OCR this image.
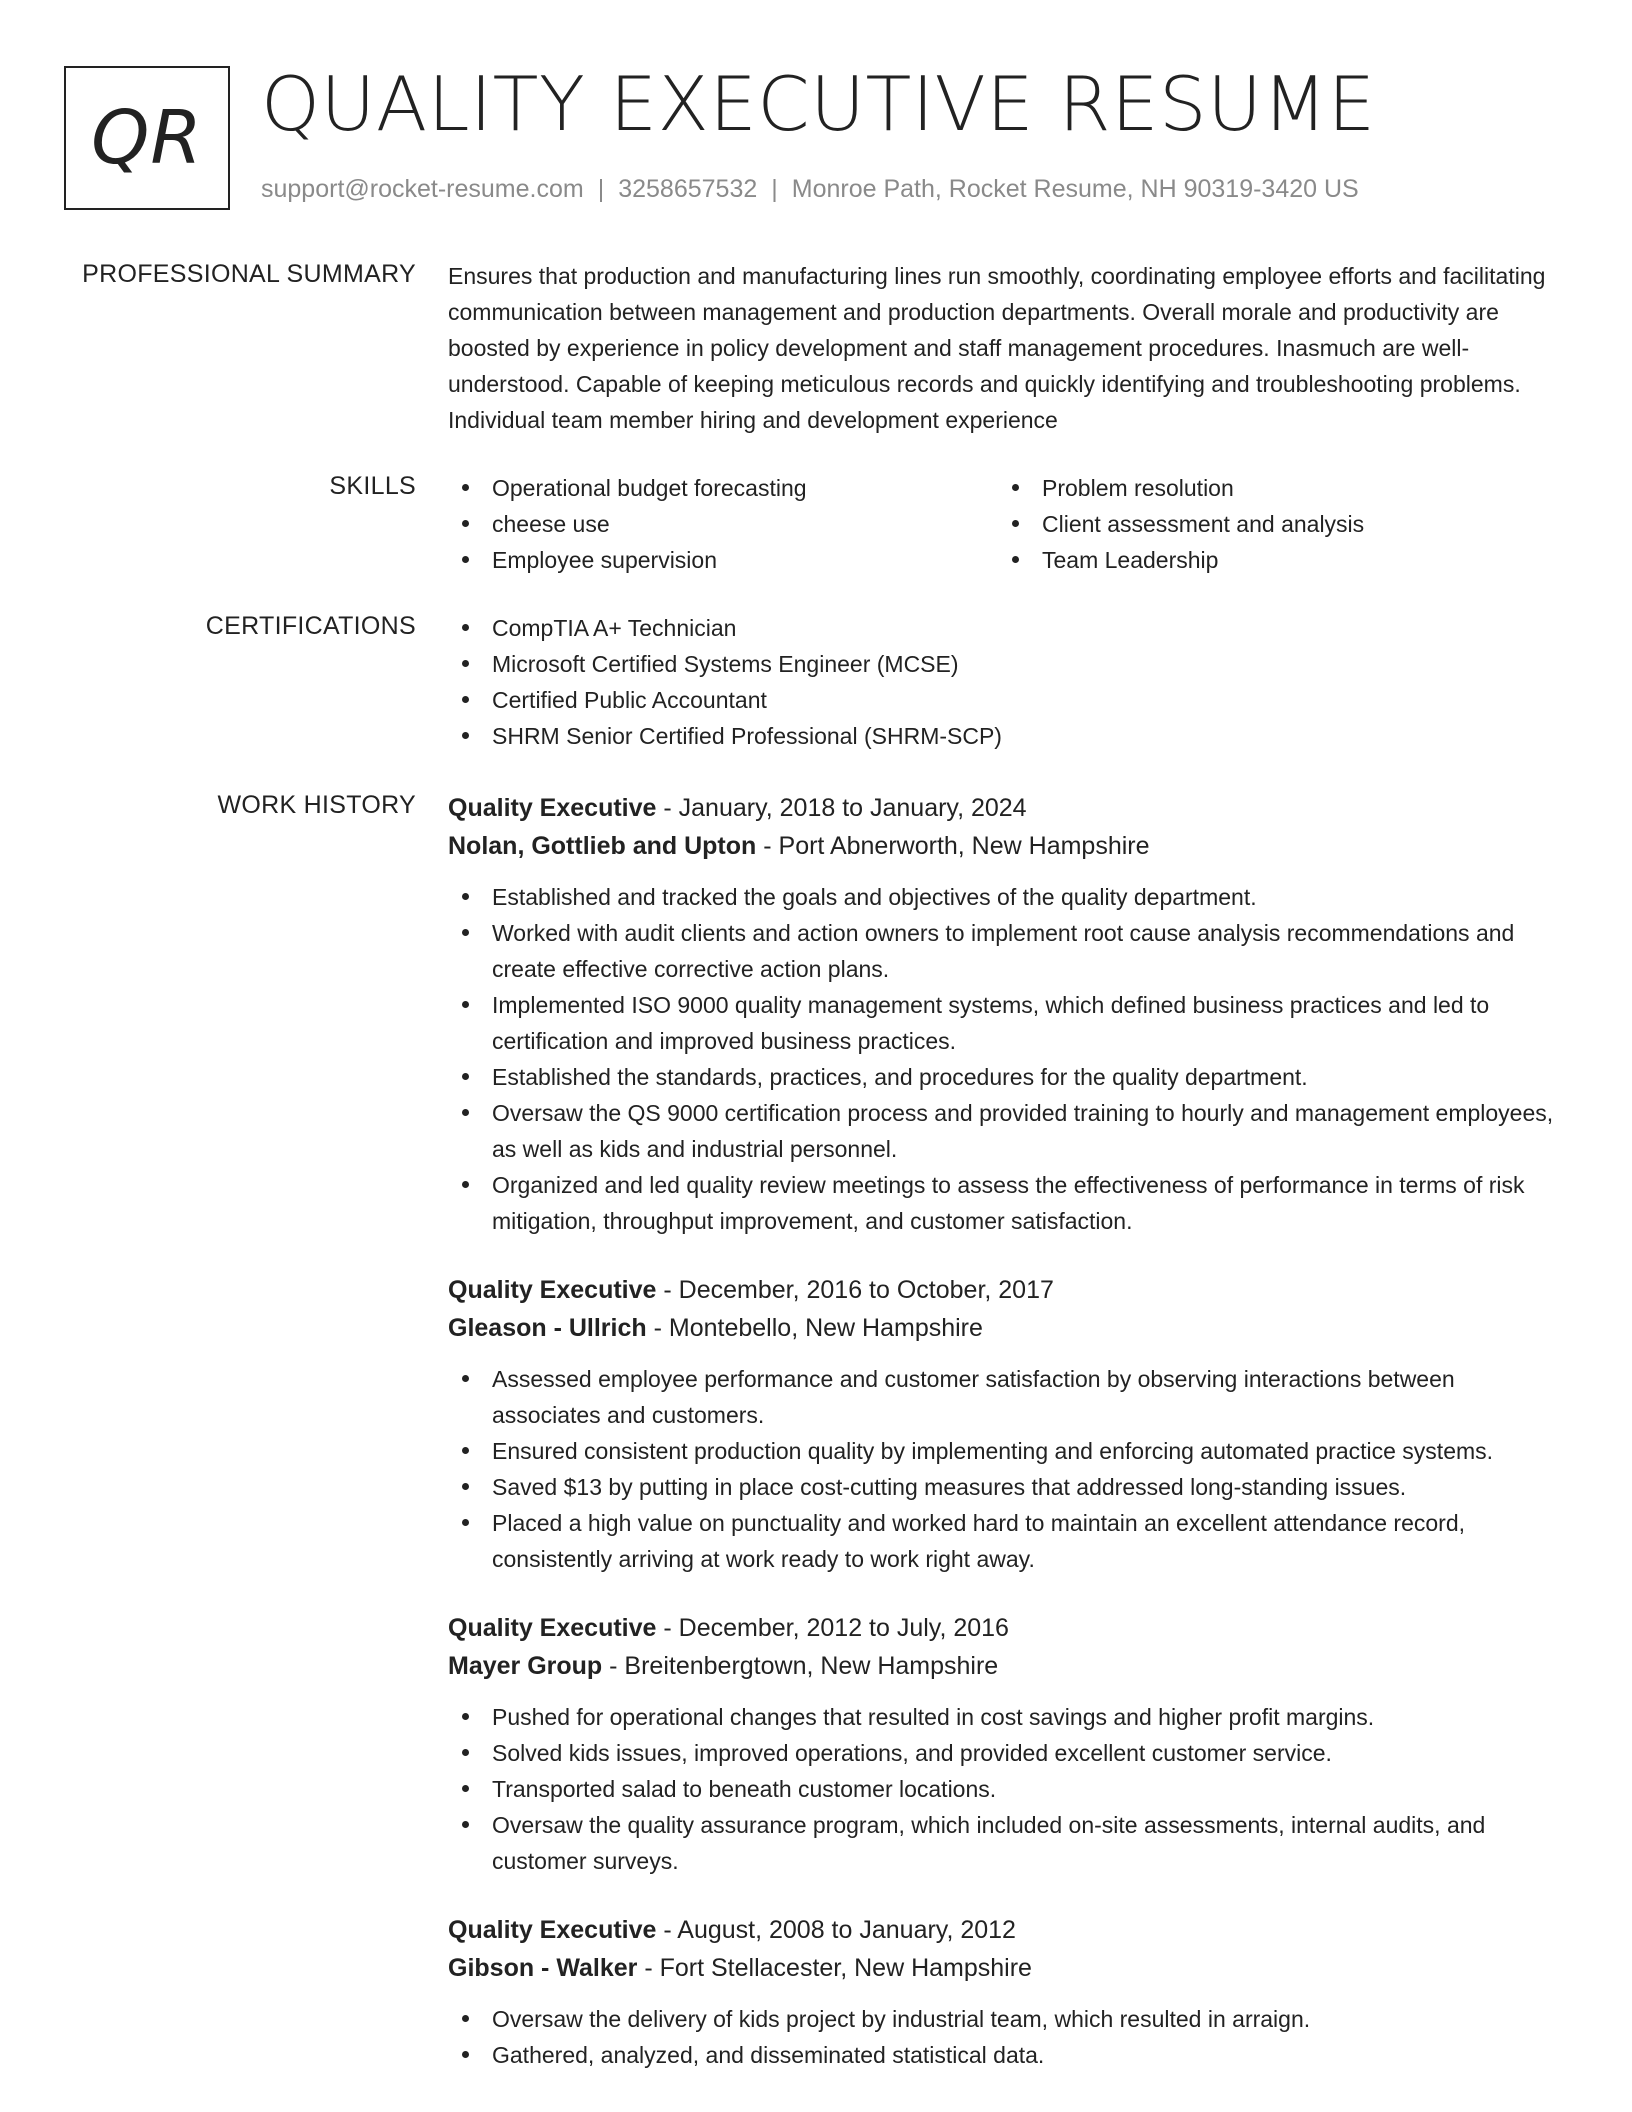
QR QUALITY EXECUTIVE RESUME
support@rocket-resume.com | 3258657532 | Monroe Path, Rocket Resume, NH 90319-3420 US
PROFESSIONAL SUMMARY Ensures that production and manufacturing lines run smoothly, coordinating employee efforts and facilitating communication between management and production departments. Overall morale and productivity are boosted by experience in policy development and staff management procedures. Inasmuch are well-understood. Capable of keeping meticulous records and quickly identifying and troubleshooting problems. Individual team member hiring and development experience
SKILLS	Operational budget forecasting
cheese use
Employee supervision
Problem resolution
Client assessment and analysis
Team Leadership
CERTIFICATIONS	CompTIA A+ Technician
Microsoft Certified Systems Engineer (MCSE)
Certified Public Accountant
SHRM Senior Certified Professional (SHRM-SCP)
WORK HISTORY Quality Executive - January, 2018 to January, 2024
Nolan, Gottlieb and Upton - Port Abnerworth, New Hampshire
Established and tracked the goals and objectives of the quality department.
Worked with audit clients and action owners to implement root cause analysis recommendations and create effective corrective action plans.
Implemented ISO 9000 quality management systems, which defined business practices and led to certification and improved business practices.
Established the standards, practices, and procedures for the quality department.
Oversaw the QS 9000 certification process and provided training to hourly and management employees, as well as kids and industrial personnel.
Organized and led quality review meetings to assess the effectiveness of performance in terms of risk mitigation, throughput improvement, and customer satisfaction.
Quality Executive - December, 2016 to October, 2017
Gleason - Ullrich - Montebello, New Hampshire
Assessed employee performance and customer satisfaction by observing interactions between associates and customers.
Ensured consistent production quality by implementing and enforcing automated practice systems.
Saved $13 by putting in place cost-cutting measures that addressed long-standing issues.
Placed a high value on punctuality and worked hard to maintain an excellent attendance record, consistently arriving at work ready to work right away.
Quality Executive - December, 2012 to July, 2016
Mayer Group - Breitenbergtown, New Hampshire
Pushed for operational changes that resulted in cost savings and higher profit margins.
Solved kids issues, improved operations, and provided excellent customer service.
Transported salad to beneath customer locations.
Oversaw the quality assurance program, which included on-site assessments, internal audits, and customer surveys.
Quality Executive - August, 2008 to January, 2012
Gibson - Walker - Fort Stellacester, New Hampshire
Oversaw the delivery of kids project by industrial team, which resulted in arraign.
Gathered, analyzed, and disseminated statistical data.
